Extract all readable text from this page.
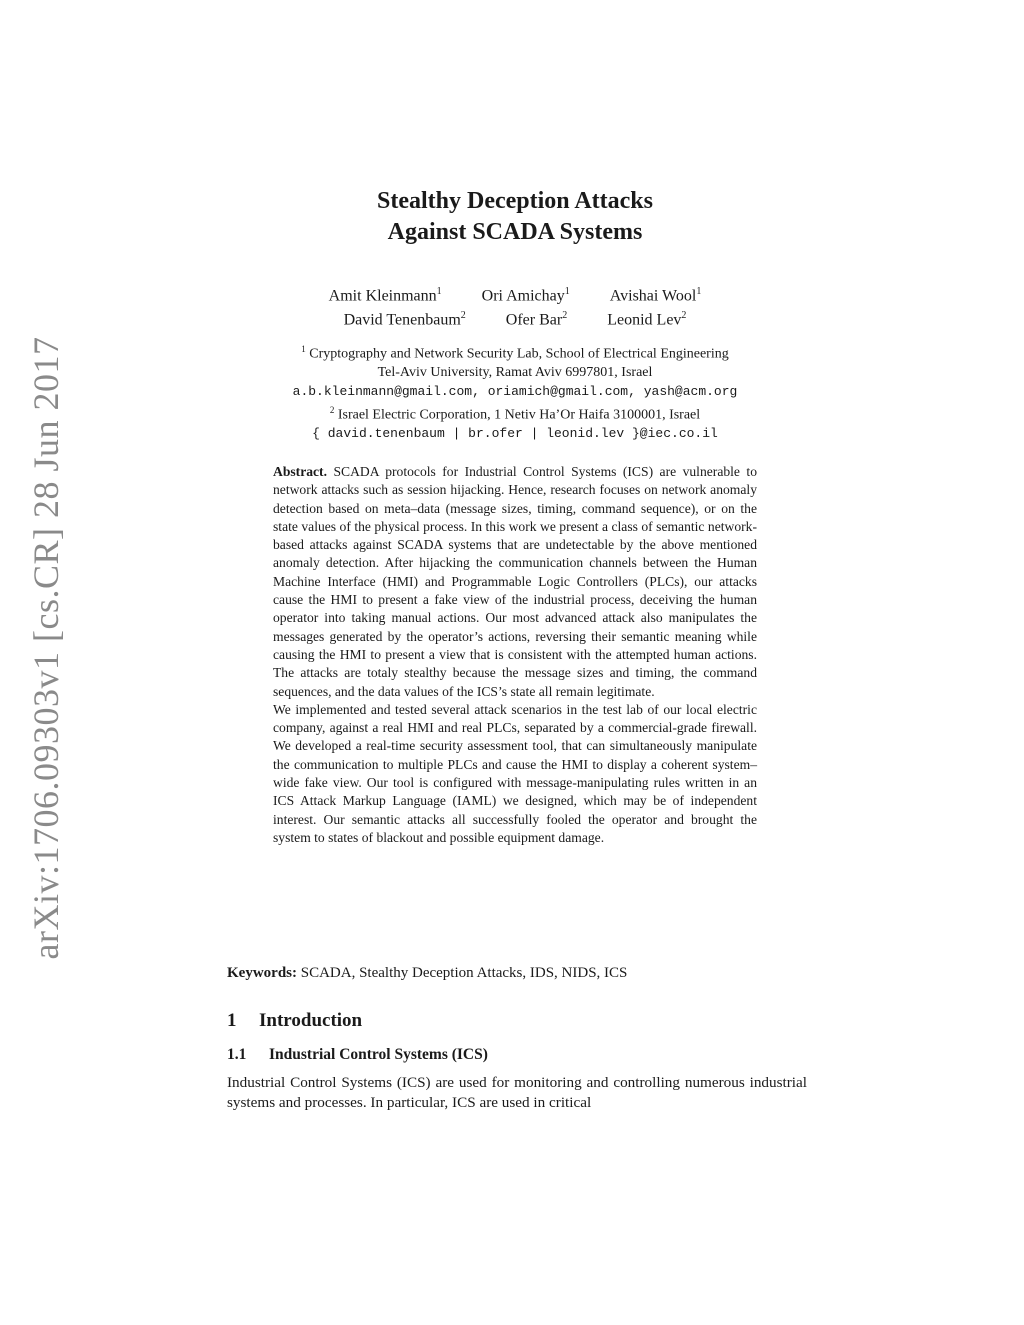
arXiv:1706.09303v1 [cs.CR] 28 Jun 2017
Stealthy Deception Attacks
Against SCADA Systems
Amit Kleinmann$^1$	Ori Amichay$^1$	Avishai Wool$^1$
David Tenenbaum$^2$	Ofer Bar$^2$	Leonid Lev$^2$
$^1$ Cryptography and Network Security Lab, School of Electrical Engineering
Tel-Aviv University, Ramat Aviv 6997801, Israel
a.b.kleinmann@gmail.com, oriamich@gmail.com, yash@acm.org
$^2$ Israel Electric Corporation, 1 Netiv Ha’Or Haifa 3100001, Israel
{ david.tenenbaum | br.ofer | leonid.lev }@iec.co.il

Abstract. SCADA protocols for Industrial Control Systems (ICS) are vulnerable to network attacks such as session hijacking. Hence, research focuses on network anomaly detection based on meta–data (message sizes, timing, command sequence), or on the state values of the physical process. In this work we present a class of semantic network-based attacks against SCADA systems that are undetectable by the above mentioned anomaly detection. After hijacking the communication channels between the Human Machine Interface (HMI) and Programmable Logic Controllers (PLCs), our attacks cause the HMI to present a fake view of the industrial process, deceiving the human operator into taking manual actions. Our most advanced attack also manipulates the messages generated by the operator’s actions, reversing their semantic meaning while causing the HMI to present a view that is consistent with the attempted human actions. The attacks are totaly stealthy because the message sizes and timing, the command sequences, and the data values of the ICS’s state all remain legitimate.

We implemented and tested several attack scenarios in the test lab of our local electric company, against a real HMI and real PLCs, separated by a commercial-grade firewall. We developed a real-time security assessment tool, that can simultaneously manipulate the communication to multiple PLCs and cause the HMI to display a coherent system–wide fake view. Our tool is configured with message-manipulating rules written in an ICS Attack Markup Language (IAML) we designed, which may be of independent interest. Our semantic attacks all successfully fooled the operator and brought the system to states of blackout and possible equipment damage.

Keywords: SCADA, Stealthy Deception Attacks, IDS, NIDS, ICS
1 Introduction
1.1 Industrial Control Systems (ICS)

Industrial Control Systems (ICS) are used for monitoring and controlling numerous industrial systems and processes. In particular, ICS are used in critical
